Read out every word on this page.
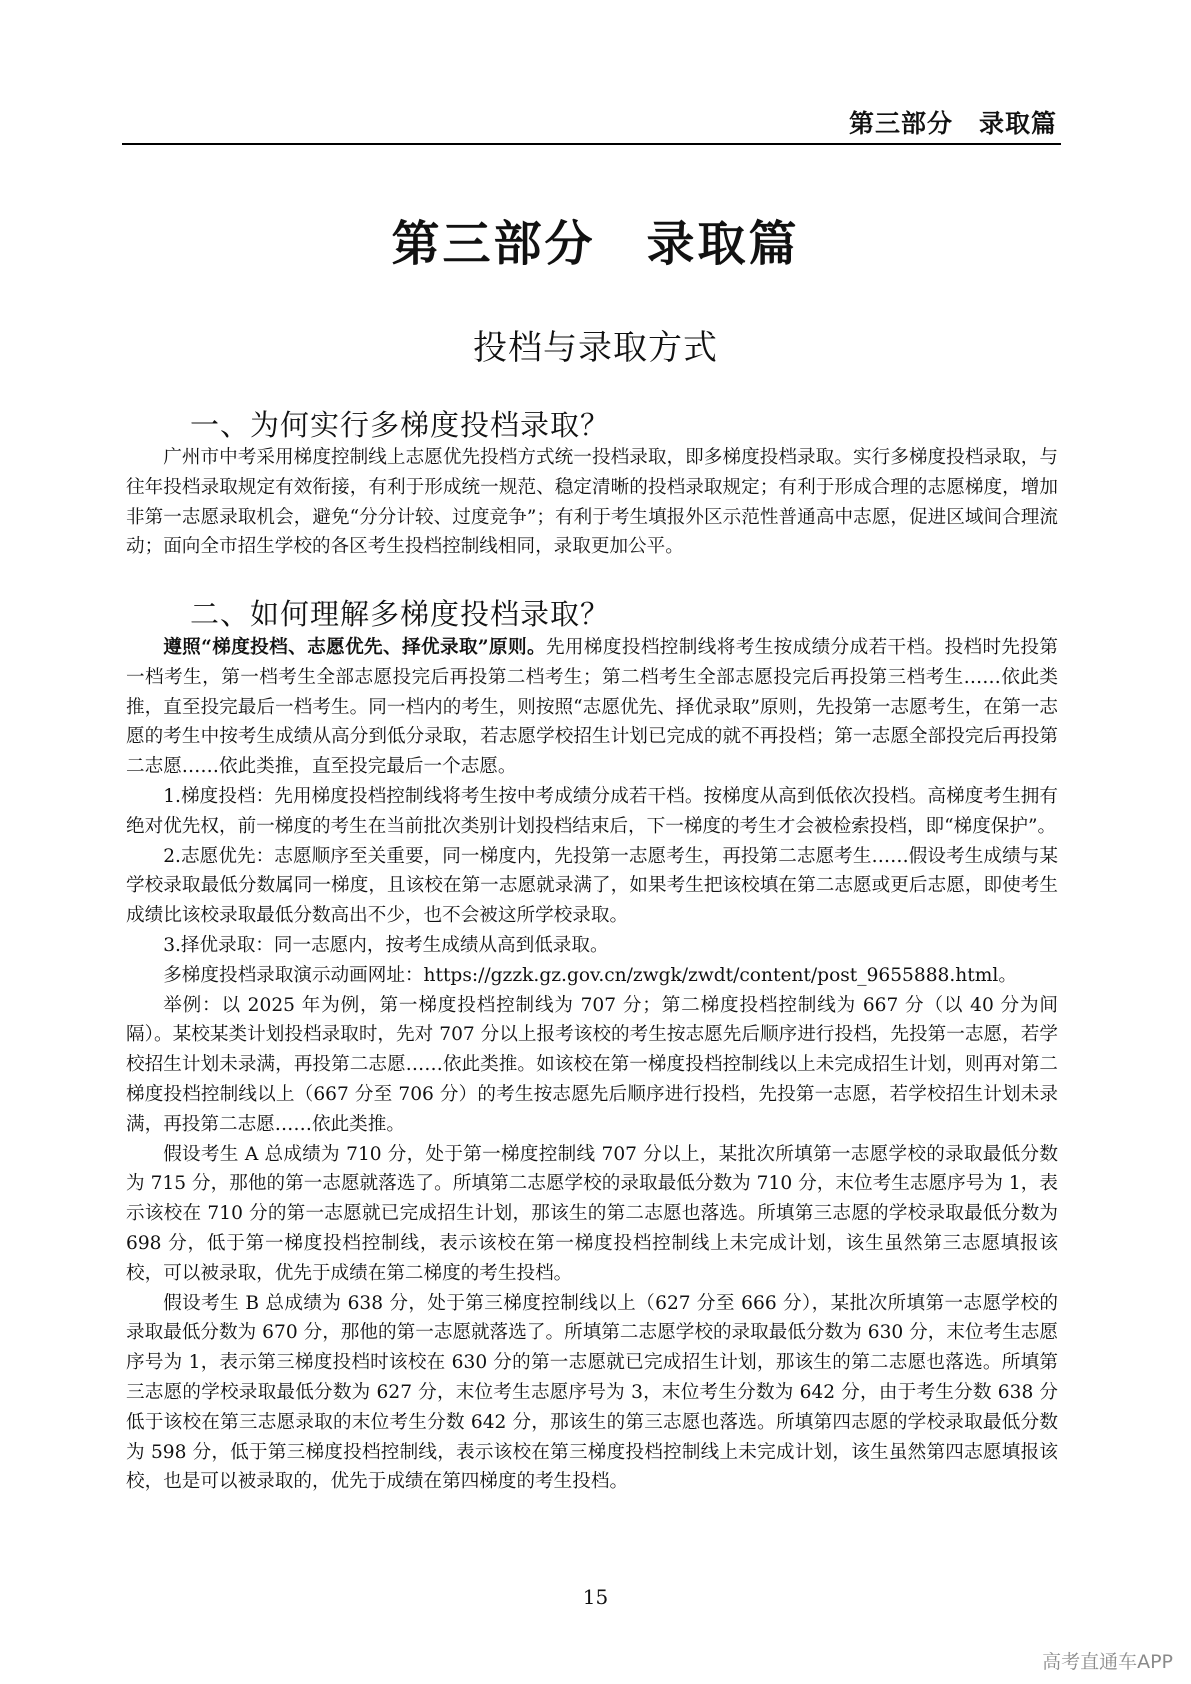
第三部分　录取篇
第三部分　录取篇
投档与录取方式
一、为何实行多梯度投档录取？

广州市中考采用梯度控制线上志愿优先投档方式统一投档录取，即多梯度投档录取。实行多梯度投档录取，与往年投档录取规定有效衔接，有利于形成统一规范、稳定清晰的投档录取规定；有利于形成合理的志愿梯度，增加非第一志愿录取机会，避免“分分计较、过度竞争”；有利于考生填报外区示范性普通高中志愿，促进区域间合理流动；面向全市招生学校的各区考生投档控制线相同，录取更加公平。

二、如何理解多梯度投档录取？

遵照“梯度投档、志愿优先、择优录取”原则。先用梯度投档控制线将考生按成绩分成若干档。投档时先投第一档考生，第一档考生全部志愿投完后再投第二档考生；第二档考生全部志愿投完后再投第三档考生……依此类推，直至投完最后一档考生。同一档内的考生，则按照“志愿优先、择优录取”原则，先投第一志愿考生，在第一志愿的考生中按考生成绩从高分到低分录取，若志愿学校招生计划已完成的就不再投档；第一志愿全部投完后再投第二志愿……依此类推，直至投完最后一个志愿。

1.梯度投档：先用梯度投档控制线将考生按中考成绩分成若干档。按梯度从高到低依次投档。高梯度考生拥有绝对优先权，前一梯度的考生在当前批次类别计划投档结束后，下一梯度的考生才会被检索投档，即“梯度保护”。

2.志愿优先：志愿顺序至关重要，同一梯度内，先投第一志愿考生，再投第二志愿考生……假设考生成绩与某学校录取最低分数属同一梯度，且该校在第一志愿就录满了，如果考生把该校填在第二志愿或更后志愿，即使考生成绩比该校录取最低分数高出不少，也不会被这所学校录取。

3.择优录取：同一志愿内，按考生成绩从高到低录取。

多梯度投档录取演示动画网址：https://gzzk.gz.gov.cn/zwgk/zwdt/content/post_9655888.html。

举例：以 2025 年为例，第一梯度投档控制线为 707 分；第二梯度投档控制线为 667 分（以 40 分为间隔）。某校某类计划投档录取时，先对 707 分以上报考该校的考生按志愿先后顺序进行投档，先投第一志愿，若学校招生计划未录满，再投第二志愿……依此类推。如该校在第一梯度投档控制线以上未完成招生计划，则再对第二梯度投档控制线以上（667 分至 706 分）的考生按志愿先后顺序进行投档，先投第一志愿，若学校招生计划未录满，再投第二志愿……依此类推。

假设考生 A 总成绩为 710 分，处于第一梯度控制线 707 分以上，某批次所填第一志愿学校的录取最低分数为 715 分，那他的第一志愿就落选了。所填第二志愿学校的录取最低分数为 710 分，末位考生志愿序号为 1，表示该校在 710 分的第一志愿就已完成招生计划，那该生的第二志愿也落选。所填第三志愿的学校录取最低分数为 698 分，低于第一梯度投档控制线，表示该校在第一梯度投档控制线上未完成计划，该生虽然第三志愿填报该校，可以被录取，优先于成绩在第二梯度的考生投档。

假设考生 B 总成绩为 638 分，处于第三梯度控制线以上（627 分至 666 分），某批次所填第一志愿学校的录取最低分数为 670 分，那他的第一志愿就落选了。所填第二志愿学校的录取最低分数为 630 分，末位考生志愿序号为 1，表示第三梯度投档时该校在 630 分的第一志愿就已完成招生计划，那该生的第二志愿也落选。所填第三志愿的学校录取最低分数为 627 分，末位考生志愿序号为 3，末位考生分数为 642 分，由于考生分数 638 分低于该校在第三志愿录取的末位考生分数 642 分，那该生的第三志愿也落选。所填第四志愿的学校录取最低分数为 598 分，低于第三梯度投档控制线，表示该校在第三梯度投档控制线上未完成计划，该生虽然第四志愿填报该校，也是可以被录取的，优先于成绩在第四梯度的考生投档。

15
高考直通车APP
